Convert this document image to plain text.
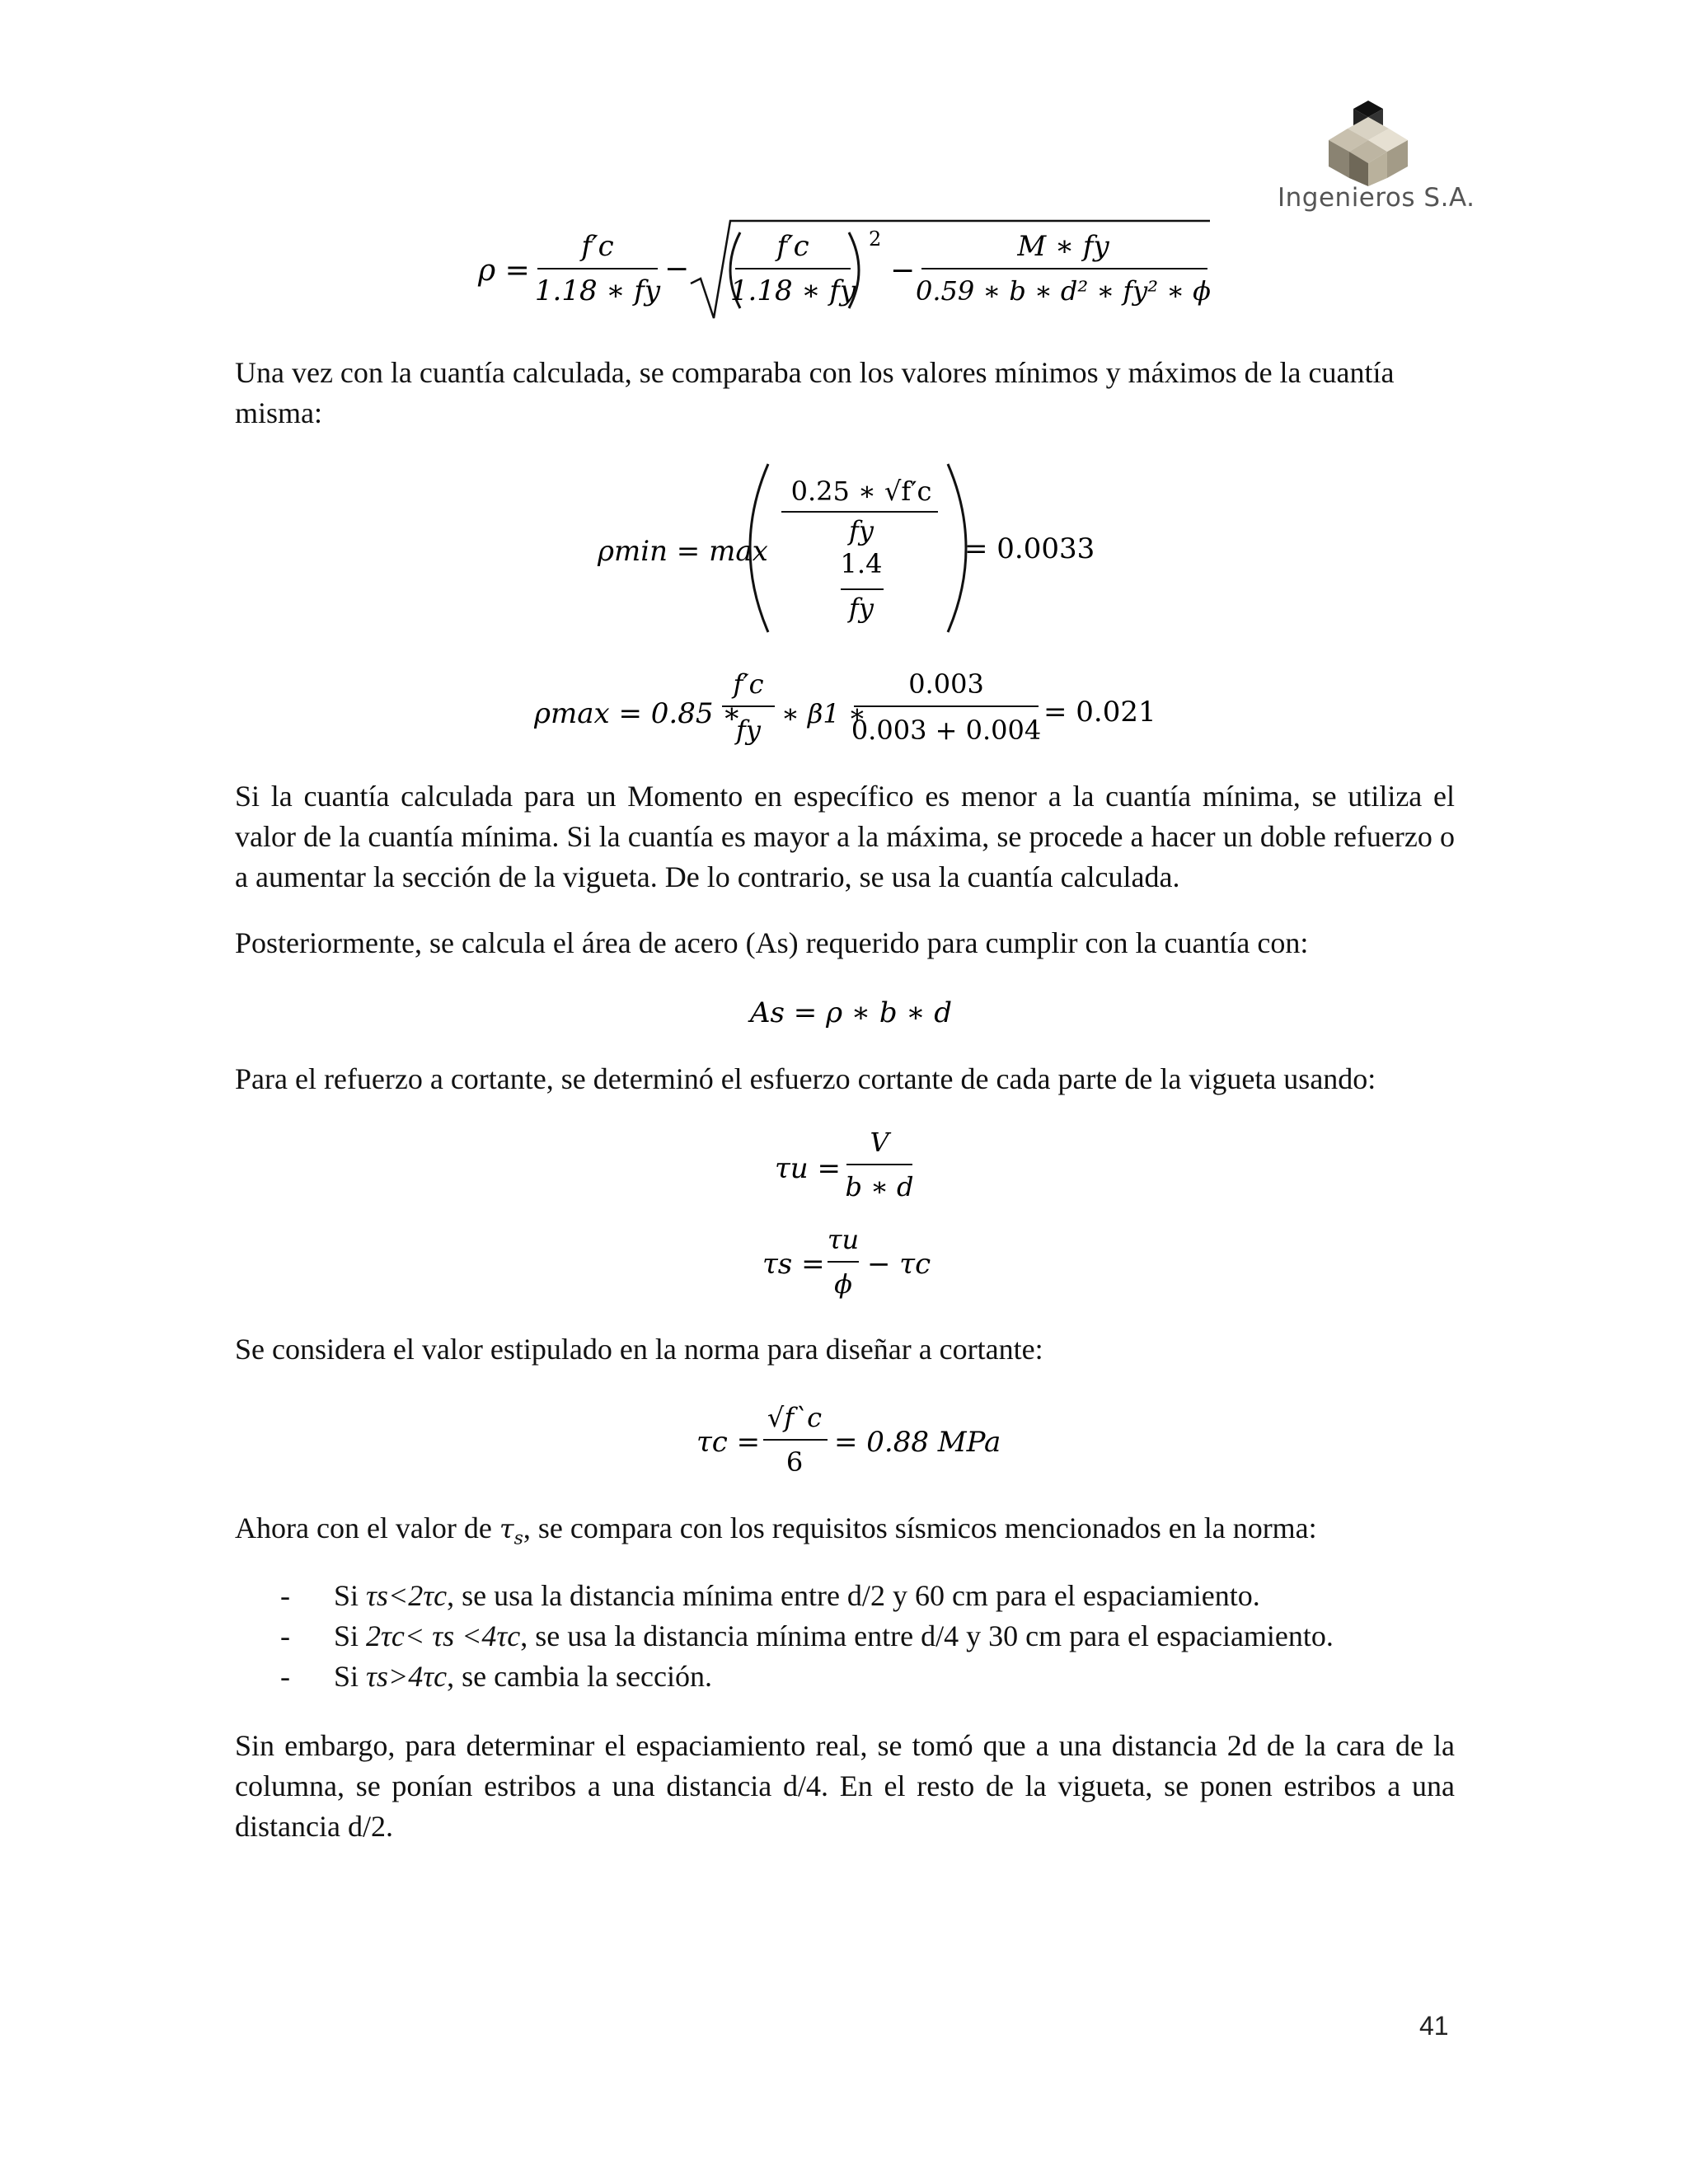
Ingenieros S.A.
ρ =
f′c
1.18 ∗ fy
−
f′c
1.18 ∗ fy
2
−
M ∗ fy
0.59 ∗ b ∗ d² ∗ fy² ∗ ϕ
Una vez con la cuantía calculada, se comparaba con los valores mínimos y máximos de la cuantía misma:
ρmin = max
0.25 ∗ √f′c
fy
1.4
fy
= 0.0033
ρmax = 0.85 ∗
f′c
fy
∗ β1 ∗
0.003
0.003 + 0.004
= 0.021
Si la cuantía calculada para un Momento en específico es menor a la cuantía mínima, se utiliza el valor de la cuantía mínima. Si la cuantía es mayor a la máxima, se procede a hacer un doble refuerzo o a aumentar la sección de la vigueta. De lo contrario, se usa la cuantía calculada.
Posteriormente, se calcula el área de acero (As) requerido para cumplir con la cuantía con:
As = ρ ∗ b ∗ d
Para el refuerzo a cortante, se determinó el esfuerzo cortante de cada parte de la vigueta usando:
τu =
V
b ∗ d
τs =
τu
ϕ
− τc
Se considera el valor estipulado en la norma para diseñar a cortante:
τc =
√f`c
6
= 0.88 MPa
Ahora con el valor de $\tau_s$, se compara con los requisitos sísmicos mencionados en la norma:
- Si τs<2τc, se usa la distancia mínima entre d/2 y 60 cm para el espaciamiento.
- Si 2τc< τs <4τc, se usa la distancia mínima entre d/4 y 30 cm para el espaciamiento.
- Si τs>4τc, se cambia la sección.
Sin embargo, para determinar el espaciamiento real, se tomó que a una distancia 2d de la cara de la columna, se ponían estribos a una distancia d/4. En el resto de la vigueta, se ponen estribos a una distancia d/2.
41
